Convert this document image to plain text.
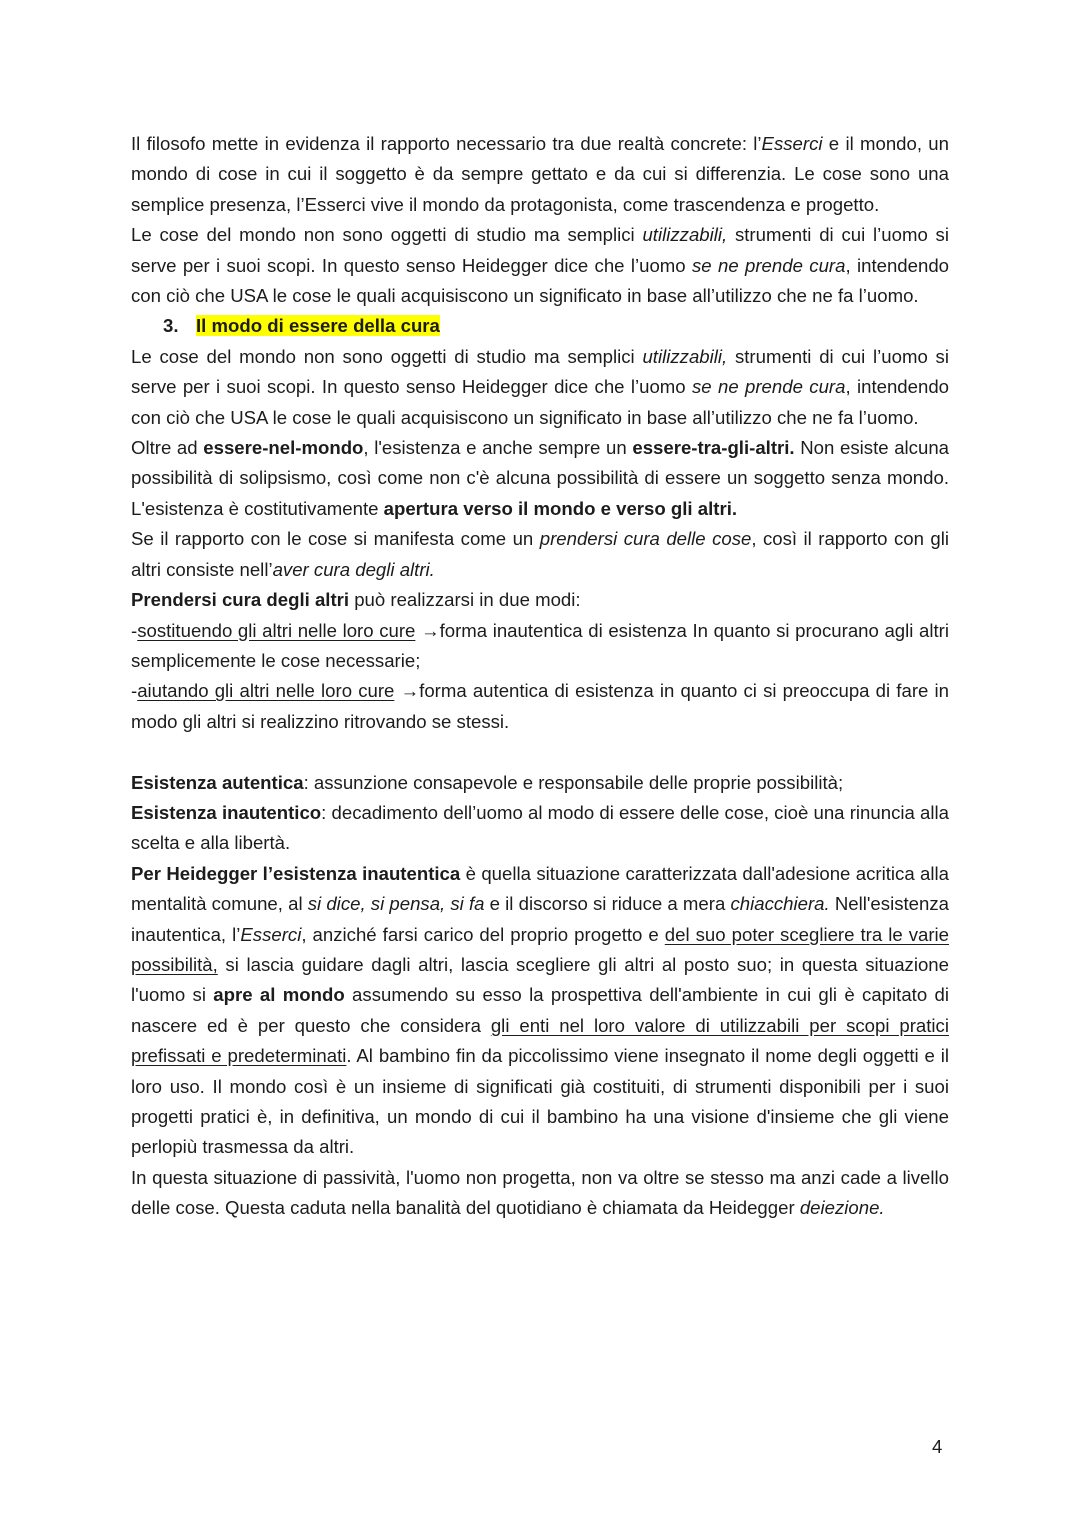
Il filosofo mette in evidenza il rapporto necessario tra due realtà concrete: l’Esserci e il mondo, un mondo di cose in cui il soggetto è da sempre gettato e da cui si differenzia. Le cose sono una semplice presenza, l’Esserci vive il mondo da protagonista, come trascendenza e progetto.

Le cose del mondo non sono oggetti di studio ma semplici utilizzabili, strumenti di cui l’uomo si serve per i suoi scopi. In questo senso Heidegger dice che l’uomo se ne prende cura, intendendo con ciò che USA le cose le quali acquisiscono un significato in base all’utilizzo che ne fa l’uomo.

3. Il modo di essere della cura

Le cose del mondo non sono oggetti di studio ma semplici utilizzabili, strumenti di cui l’uomo si serve per i suoi scopi. In questo senso Heidegger dice che l’uomo se ne prende cura, intendendo con ciò che USA le cose le quali acquisiscono un significato in base all’utilizzo che ne fa l’uomo.

Oltre ad essere-nel-mondo, l'esistenza e anche sempre un essere-tra-gli-altri. Non esiste alcuna possibilità di solipsismo, così come non c'è alcuna possibilità di essere un soggetto senza mondo. L'esistenza è costitutivamente apertura verso il mondo e verso gli altri.

Se il rapporto con le cose si manifesta come un prendersi cura delle cose, così il rapporto con gli altri consiste nell’aver cura degli altri.

Prendersi cura degli altri può realizzarsi in due modi:

-sostituendo gli altri nelle loro cure →forma inautentica di esistenza In quanto si procurano agli altri semplicemente le cose necessarie;

-aiutando gli altri nelle loro cure →forma autentica di esistenza in quanto ci si preoccupa di fare in modo gli altri si realizzino ritrovando se stessi.

Esistenza autentica: assunzione consapevole e responsabile delle proprie possibilità;

Esistenza inautentico: decadimento dell’uomo al modo di essere delle cose, cioè una rinuncia alla scelta e alla libertà.

Per Heidegger l’esistenza inautentica è quella situazione caratterizzata dall'adesione acritica alla mentalità comune, al si dice, si pensa, si fa e il discorso si riduce a mera chiacchiera. Nell'esistenza inautentica, l’Esserci, anziché farsi carico del proprio progetto e del suo poter scegliere tra le varie possibilità, si lascia guidare dagli altri, lascia scegliere gli altri al posto suo; in questa situazione l'uomo si apre al mondo assumendo su esso la prospettiva dell'ambiente in cui gli è capitato di nascere ed è per questo che considera gli enti nel loro valore di utilizzabili per scopi pratici prefissati e predeterminati. Al bambino fin da piccolissimo viene insegnato il nome degli oggetti e il loro uso. Il mondo così è un insieme di significati già costituiti, di strumenti disponibili per i suoi progetti pratici è, in definitiva, un mondo di cui il bambino ha una visione d'insieme che gli viene perlopiù trasmessa da altri.

In questa situazione di passività, l'uomo non progetta, non va oltre se stesso ma anzi cade a livello delle cose. Questa caduta nella banalità del quotidiano è chiamata da Heidegger deiezione.

4
